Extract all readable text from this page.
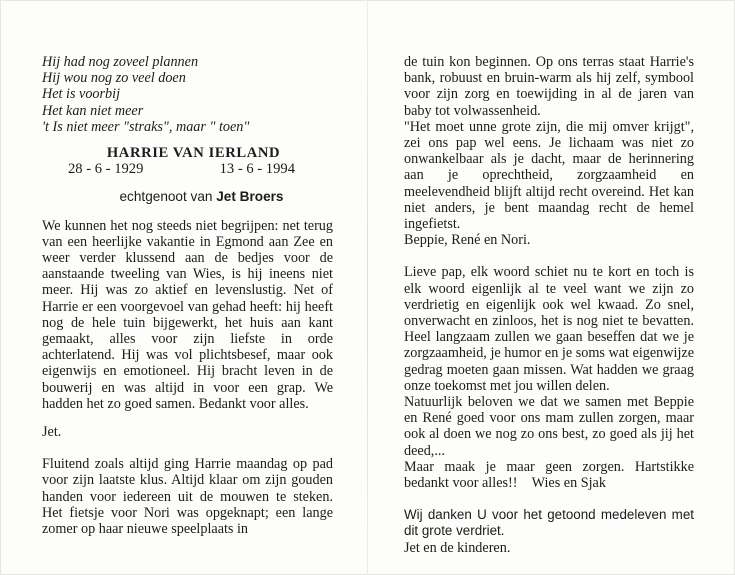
Hij had nog zoveel plannen

Hij wou nog zo veel doen

Het is voorbij

Het kan niet meer

't Is niet meer "straks", maar " toen"

HARRIE VAN IERLAND
28 - 6 - 1929	13 - 6 - 1994
echtgenoot van Jet Broers

We kunnen het nog steeds niet begrijpen: net terug van een heerlijke vakantie in Egmond aan Zee en weer verder klussend aan de bedjes voor de aanstaande tweeling van Wies, is hij ineens niet meer. Hij was zo aktief en levenslustig. Net of Harrie er een voorgevoel van gehad heeft: hij heeft nog de hele tuin bijgewerkt, het huis aan kant gemaakt, alles voor zijn liefste in orde achterlatend. Hij was vol plichtsbesef, maar ook eigenwijs en emotioneel. Hij bracht leven in de bouwerij en was altijd in voor een grap. We hadden het zo goed samen. Bedankt voor alles.

Jet.

Fluitend zoals altijd ging Harrie maandag op pad voor zijn laatste klus. Altijd klaar om zijn gouden handen voor iedereen uit de mouwen te steken. Het fietsje voor Nori was opgeknapt; een lange zomer op haar nieuwe speelplaats in

de tuin kon beginnen. Op ons terras staat Harrie's bank, robuust en bruin-warm als hij zelf, symbool voor zijn zorg en toewijding in al de jaren van baby tot volwassenheid.

"Het moet unne grote zijn, die mij omver krijgt", zei ons pap wel eens. Je lichaam was niet zo onwankelbaar als je dacht, maar de herinnering aan je oprechtheid, zorgzaamheid en meelevendheid blijft altijd recht overeind. Het kan niet anders, je bent maandag recht de hemel ingefietst.

Beppie, René en Nori.

Lieve pap, elk woord schiet nu te kort en toch is elk woord eigenlijk al te veel want we zijn zo verdrietig en eigenlijk ook wel kwaad. Zo snel, onverwacht en zinloos, het is nog niet te bevatten. Heel langzaam zullen we gaan beseffen dat we je zorgzaamheid, je humor en je soms wat eigenwijze gedrag moeten gaan missen. Wat hadden we graag onze toekomst met jou willen delen.

Natuurlijk beloven we dat we samen met Beppie en René goed voor ons mam zullen zorgen, maar ook al doen we nog zo ons best, zo goed als jij het deed,...

Maar maak je maar geen zorgen. Hartstikke bedankt voor alles!! Wies en Sjak

Wij danken U voor het getoond medeleven met dit grote verdriet.

Jet en de kinderen.
